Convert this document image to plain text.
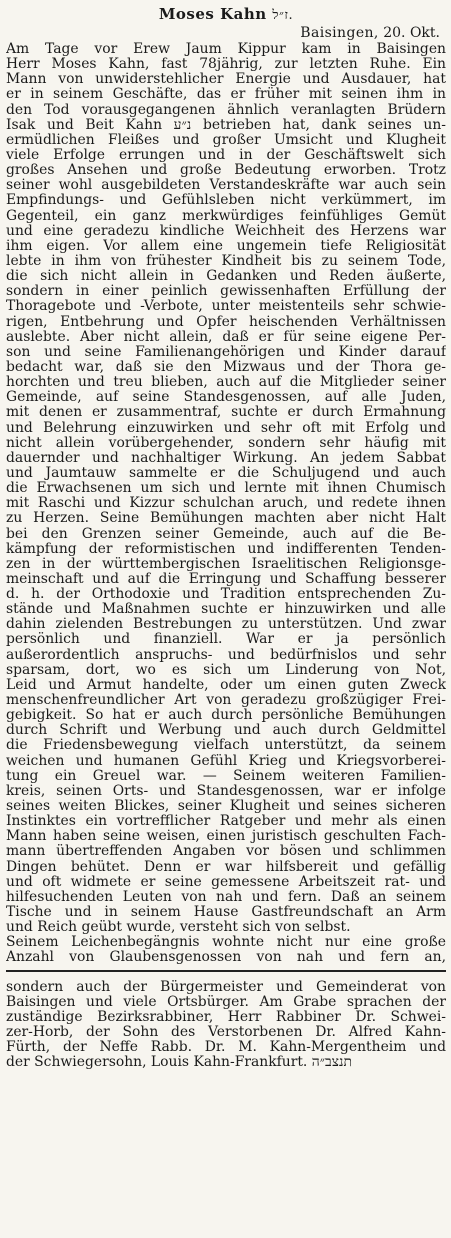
Moses Kahn ז״ל.
Baisingen, 20. Okt.
Am Tage vor Erew Jaum Kippur kam in Baisingen
Herr Moses Kahn, fast 78jährig, zur letzten Ruhe. Ein
Mann von unwiderstehlicher Energie und Ausdauer, hat
er in seinem Geschäfte, das er früher mit seinen ihm in
den Tod vorausgegangenen ähnlich veranlagten Brüdern
Isak und Beit Kahn נ״ע betrieben hat, dank seines un-
ermüdlichen Fleißes und großer Umsicht und Klugheit
viele Erfolge errungen und in der Geschäftswelt sich
großes Ansehen und große Bedeutung erworben. Trotz
seiner wohl ausgebildeten Verstandeskräfte war auch sein
Empfindungs- und Gefühlsleben nicht verkümmert, im
Gegenteil, ein ganz merkwürdiges feinfühliges Gemüt
und eine geradezu kindliche Weichheit des Herzens war
ihm eigen. Vor allem eine ungemein tiefe Religiosität
lebte in ihm von frühester Kindheit bis zu seinem Tode,
die sich nicht allein in Gedanken und Reden äußerte,
sondern in einer peinlich gewissenhaften Erfüllung der
Thoragebote und -Verbote, unter meistenteils sehr schwie-
rigen, Entbehrung und Opfer heischenden Verhältnissen
auslebte. Aber nicht allein, daß er für seine eigene Per-
son und seine Familienangehörigen und Kinder darauf
bedacht war, daß sie den Mizwaus und der Thora ge-
horchten und treu blieben, auch auf die Mitglieder seiner
Gemeinde, auf seine Standesgenossen, auf alle Juden,
mit denen er zusammentraf, suchte er durch Ermahnung
und Belehrung einzuwirken und sehr oft mit Erfolg und
nicht allein vorübergehender, sondern sehr häufig mit
dauernder und nachhaltiger Wirkung. An jedem Sabbat
und Jaumtauw sammelte er die Schuljugend und auch
die Erwachsenen um sich und lernte mit ihnen Chumisch
mit Raschi und Kizzur schulchan aruch, und redete ihnen
zu Herzen. Seine Bemühungen machten aber nicht Halt
bei den Grenzen seiner Gemeinde, auch auf die Be-
kämpfung der reformistischen und indifferenten Tenden-
zen in der württembergischen Israelitischen Religionsge-
meinschaft und auf die Erringung und Schaffung besserer
d. h. der Orthodoxie und Tradition entsprechenden Zu-
stände und Maßnahmen suchte er hinzuwirken und alle
dahin zielenden Bestrebungen zu unterstützen. Und zwar
persönlich und finanziell. War er ja persönlich
außerordentlich anspruchs- und bedürfnislos und sehr
sparsam, dort, wo es sich um Linderung von Not,
Leid und Armut handelte, oder um einen guten Zweck
menschenfreundlicher Art von geradezu großzügiger Frei-
gebigkeit. So hat er auch durch persönliche Bemühungen
durch Schrift und Werbung und auch durch Geldmittel
die Friedensbewegung vielfach unterstützt, da seinem
weichen und humanen Gefühl Krieg und Kriegsvorberei-
tung ein Greuel war. — Seinem weiteren Familien-
kreis, seinen Orts- und Standesgenossen, war er infolge
seines weiten Blickes, seiner Klugheit und seines sicheren
Instinktes ein vortrefflicher Ratgeber und mehr als einen
Mann haben seine weisen, einen juristisch geschulten Fach-
mann übertreffenden Angaben vor bösen und schlimmen
Dingen behütet. Denn er war hilfsbereit und gefällig
und oft widmete er seine gemessene Arbeitszeit rat- und
hilfesuchenden Leuten von nah und fern. Daß an seinem
Tische und in seinem Hause Gastfreundschaft an Arm
und Reich geübt wurde, versteht sich von selbst.
Seinem Leichenbegängnis wohnte nicht nur eine große
Anzahl von Glaubensgenossen von nah und fern an,
sondern auch der Bürgermeister und Gemeinderat von
Baisingen und viele Ortsbürger. Am Grabe sprachen der
zuständige Bezirksrabbiner, Herr Rabbiner Dr. Schwei-
zer-Horb, der Sohn des Verstorbenen Dr. Alfred Kahn-
Fürth, der Neffe Rabb. Dr. M. Kahn-Mergentheim und
der Schwiegersohn, Louis Kahn-Frankfurt. תנצב״ה
